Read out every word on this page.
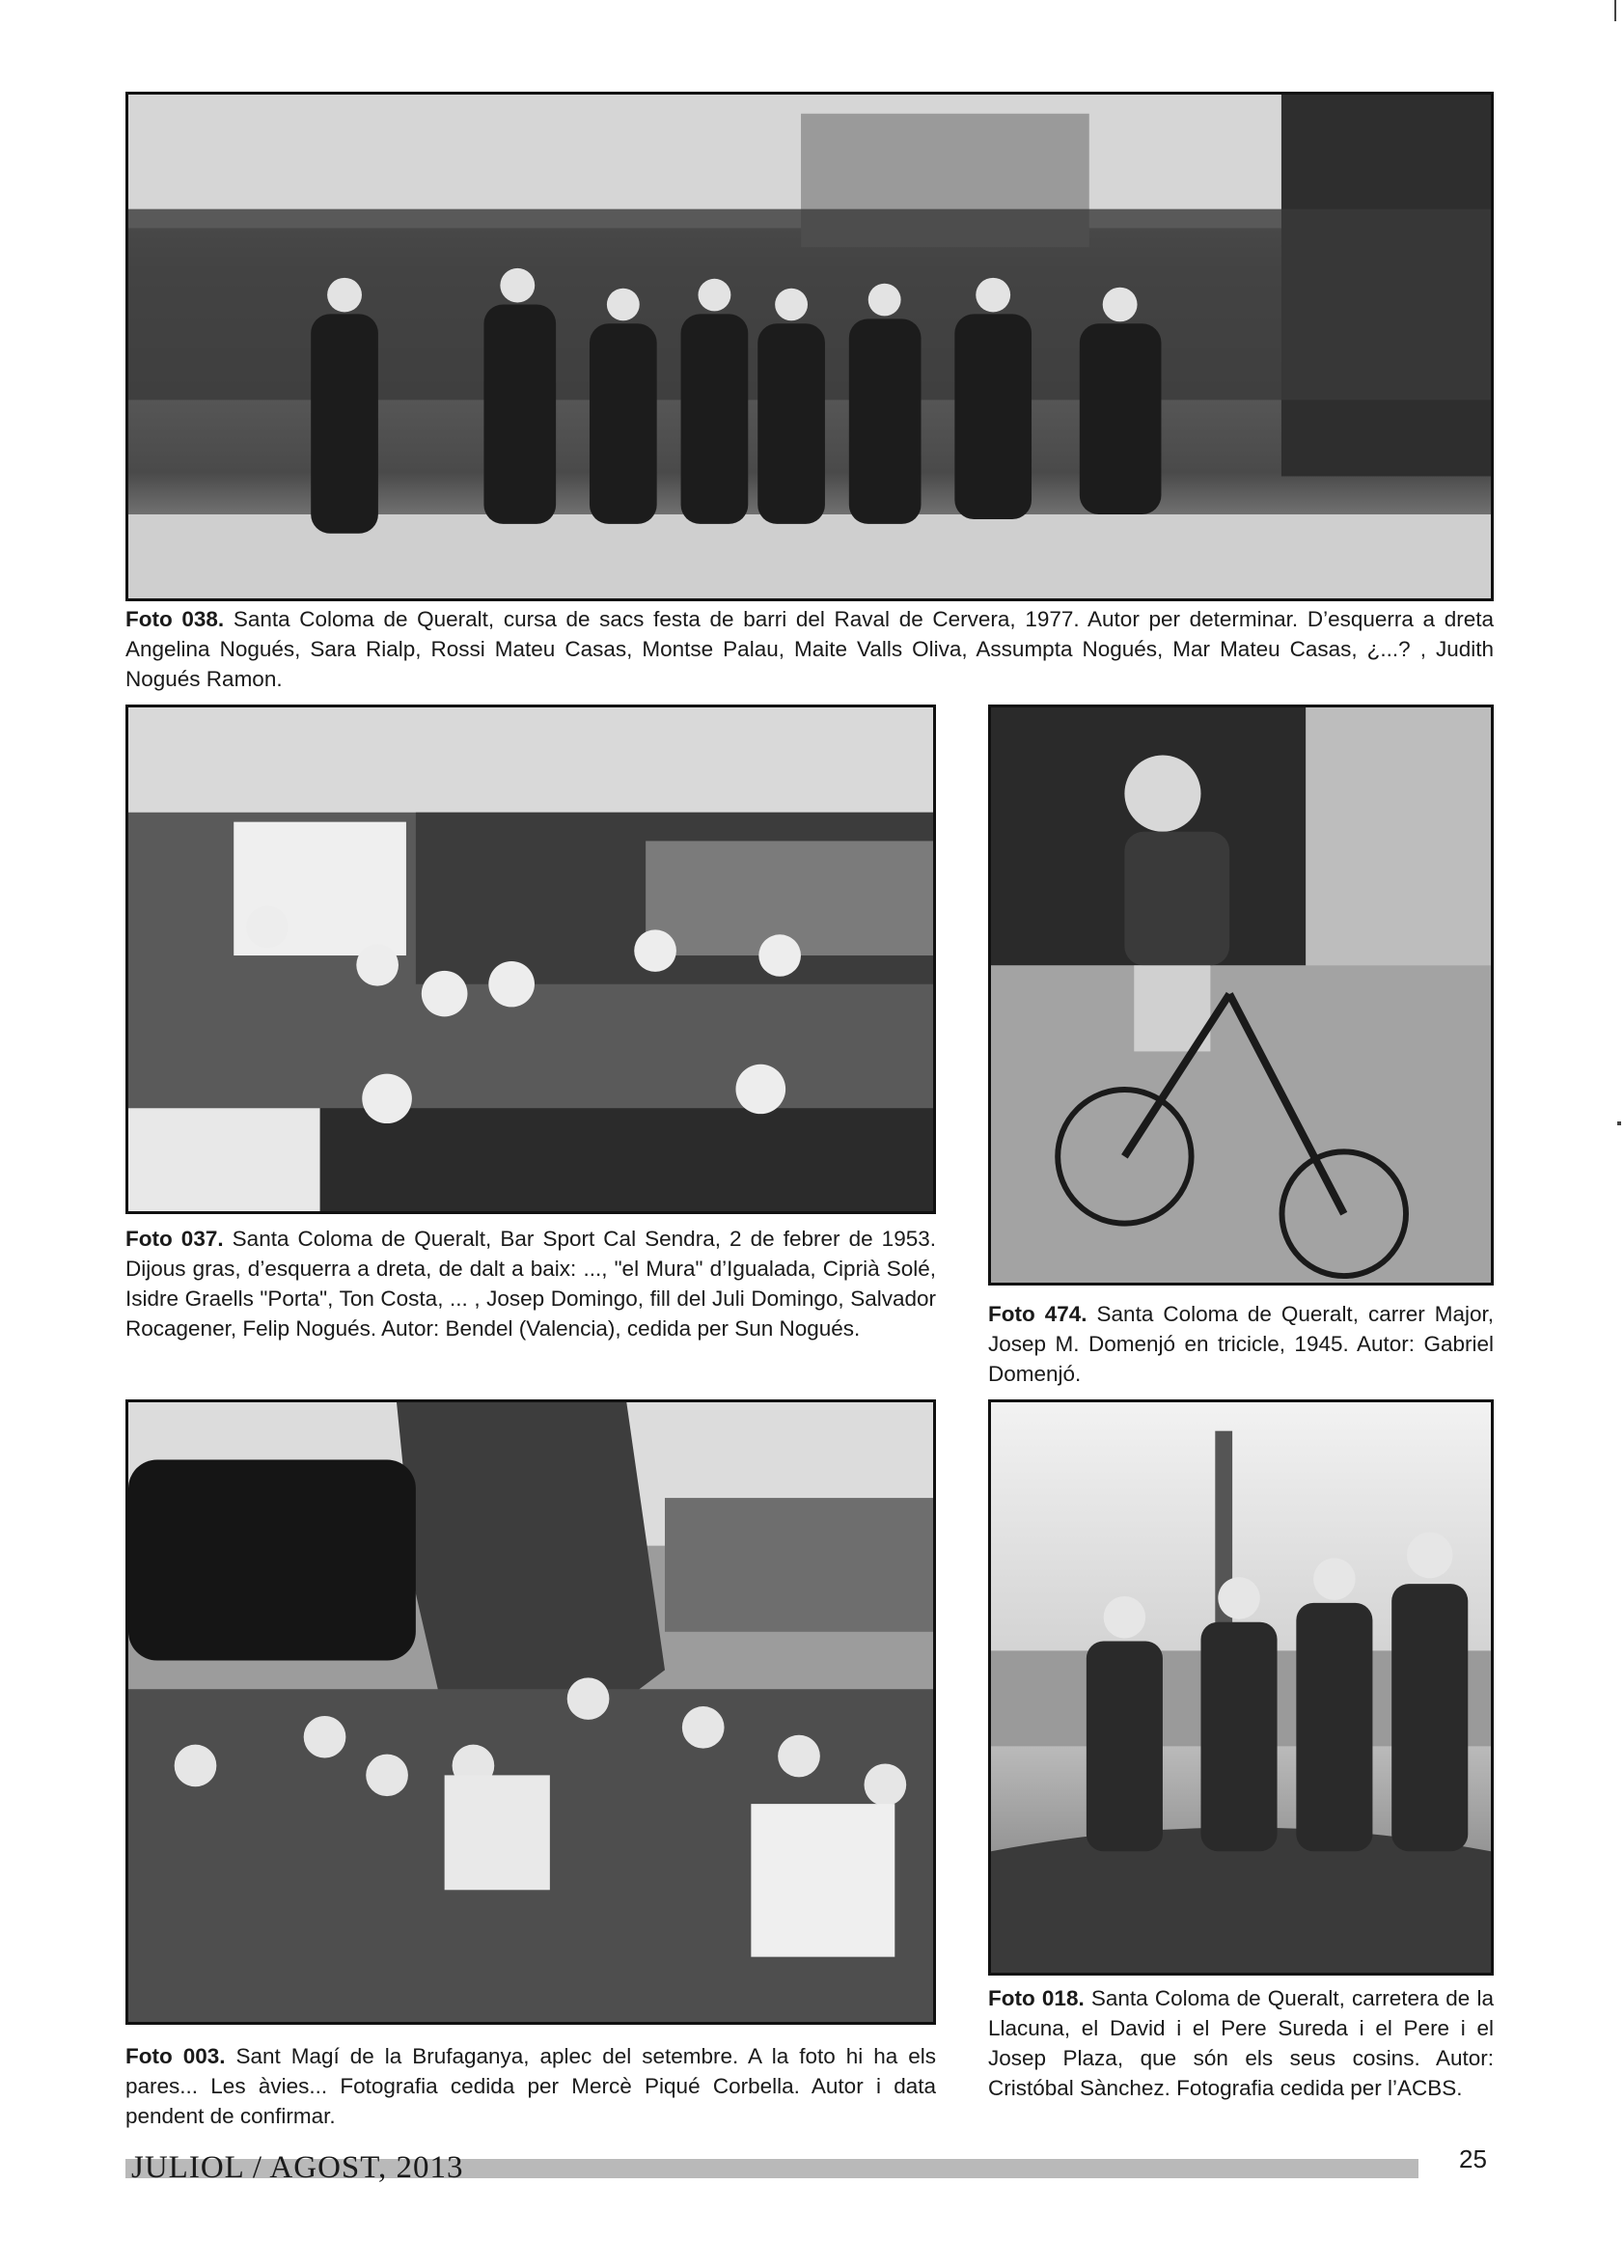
Foto 038. Santa Coloma de Queralt, cursa de sacs festa de barri del Raval de Cervera, 1977. Autor per determinar. D’esquerra a dreta Angelina Nogués, Sara Rialp, Rossi Mateu Casas, Montse Palau, Maite Valls Oliva, Assumpta Nogués, Mar Mateu Casas, ¿...? , Judith Nogués Ramon.
Foto 037. Santa Coloma de Queralt, Bar Sport Cal Sendra, 2 de febrer de 1953. Dijous gras, d’esquerra a dreta, de dalt a baix: ..., "el Mura" d’Igualada, Ciprià Solé, Isidre Graells "Porta", Ton Costa, ... , Josep Domingo, fill del Juli Domingo, Salvador Rocagener, Felip Nogués. Autor: Bendel (Valencia), cedida per Sun Nogués.
Foto 474. Santa Coloma de Queralt, carrer Major, Josep M. Domenjó en tricicle, 1945. Autor: Gabriel Domenjó.
Foto 003. Sant Magí de la Brufaganya, aplec del setembre. A la foto hi ha els pares... Les àvies... Fotografia cedida per Mercè Piqué Corbella. Autor i data pendent de confirmar.
Foto 018. Santa Coloma de Queralt, carretera de la Llacuna, el David i el Pere Sureda i el Pere i el Josep Plaza, que són els seus cosins. Autor: Cristóbal Sànchez. Fotografia cedida per l’ACBS.
JULIOL / AGOST, 2013	25
